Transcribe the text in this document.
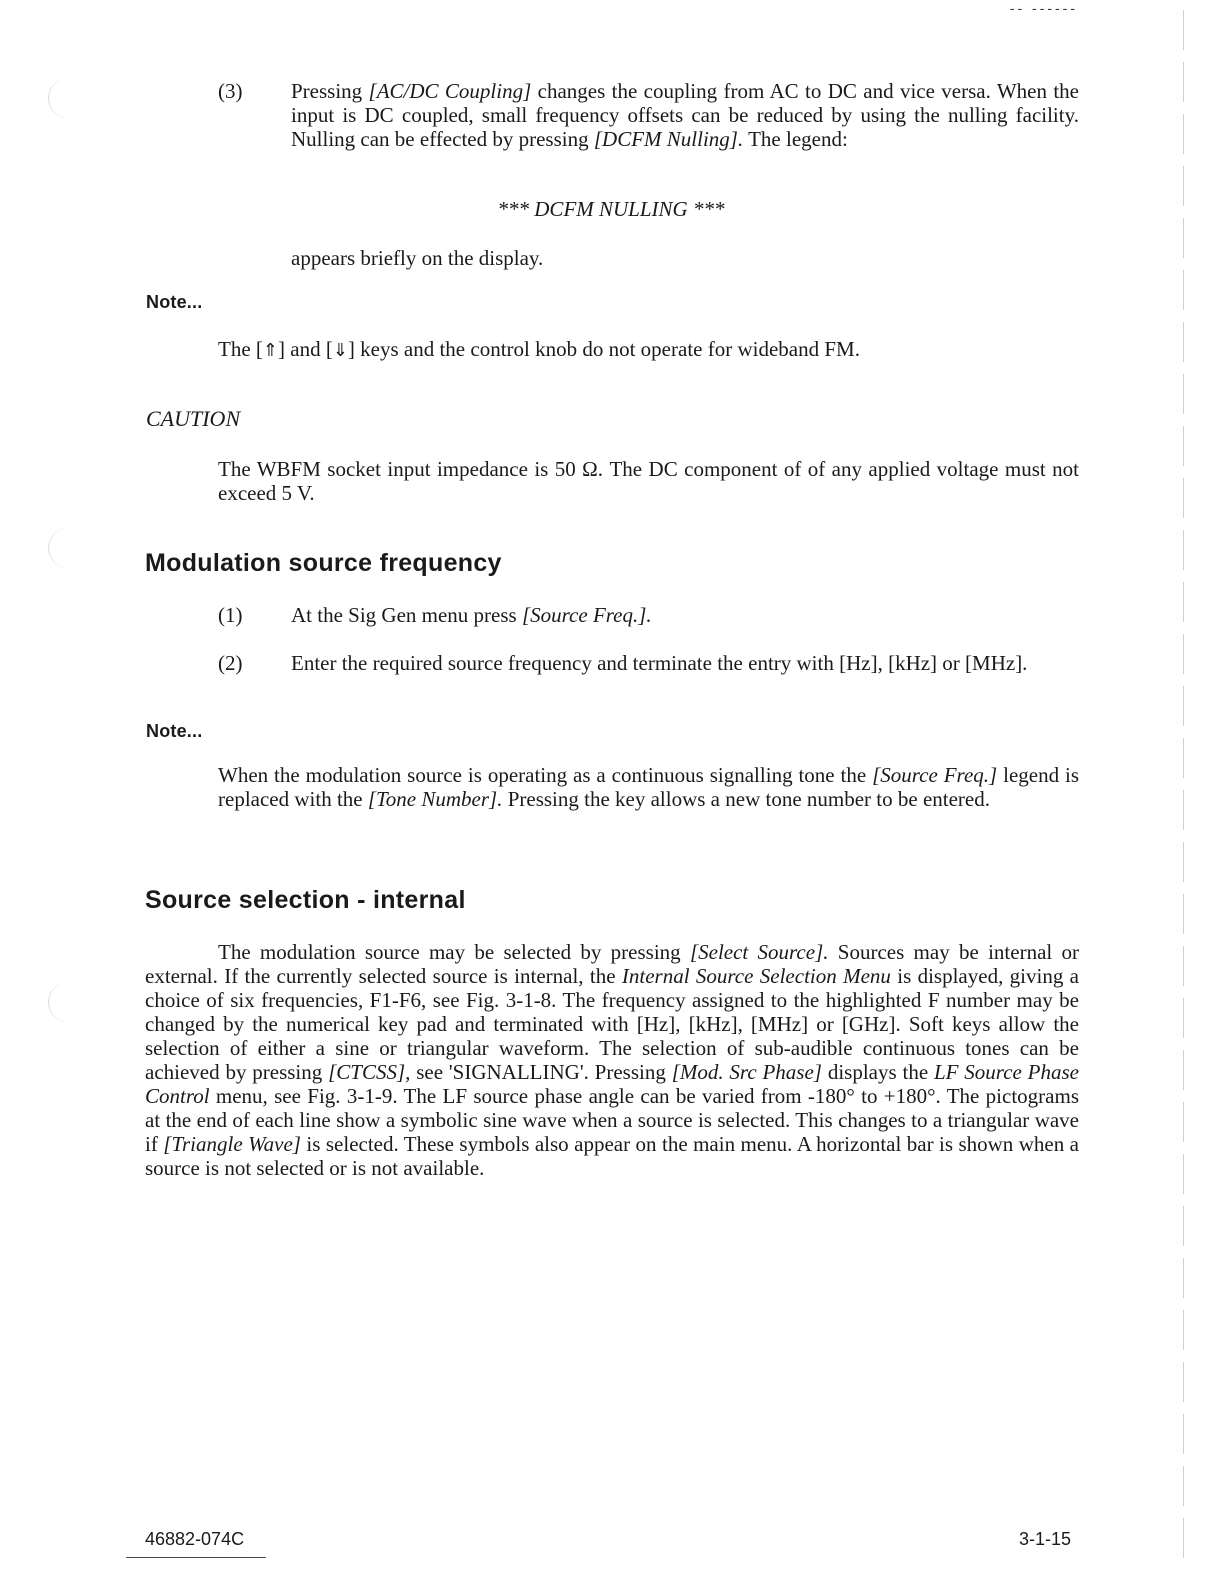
-- ------
(3)	Pressing [AC/DC Coupling] changes the coupling from AC to DC and vice versa. When the input is DC coupled, small frequency offsets can be reduced by using the nulling facility. Nulling can be effected by pressing [DCFM Nulling]. The legend:
*** DCFM NULLING ***
appears briefly on the display.
Note...
The [⇑] and [⇓] keys and the control knob do not operate for wideband FM.
CAUTION
The WBFM socket input impedance is 50 Ω. The DC component of of any applied voltage must not exceed 5 V.
Modulation source frequency
(1)	At the Sig Gen menu press [Source Freq.].
(2)	Enter the required source frequency and terminate the entry with [Hz], [kHz] or [MHz].
Note...
When the modulation source is operating as a continuous signalling tone the [Source Freq.] legend is replaced with the [Tone Number]. Pressing the key allows a new tone number to be entered.
Source selection - internal
The modulation source may be selected by pressing [Select Source]. Sources may be internal or external. If the currently selected source is internal, the Internal Source Selection Menu is displayed, giving a choice of six frequencies, F1-F6, see Fig. 3-1-8. The frequency assigned to the highlighted F number may be changed by the numerical key pad and terminated with [Hz], [kHz], [MHz] or [GHz]. Soft keys allow the selection of either a sine or triangular waveform. The selection of sub-audible continuous tones can be achieved by pressing [CTCSS], see 'SIGNALLING'. Pressing [Mod. Src Phase] displays the LF Source Phase Control menu, see Fig. 3-1-9. The LF source phase angle can be varied from -180° to +180°. The pictograms at the end of each line show a symbolic sine wave when a source is selected. This changes to a triangular wave if [Triangle Wave] is selected. These symbols also appear on the main menu. A horizontal bar is shown when a source is not selected or is not available.
46882-074C	3-1-15
